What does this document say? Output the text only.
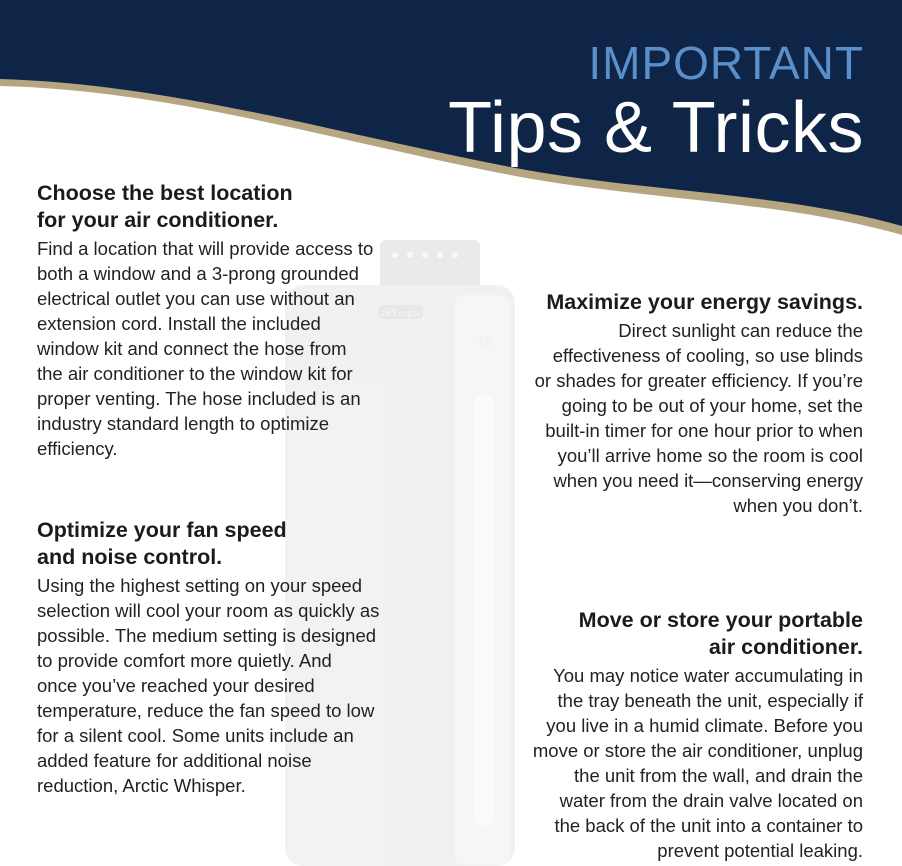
IMPORTANT
Tips & Tricks
De'Longhi
72
Choose the best location
for your air conditioner.

Find a location that will provide access to
both a window and a 3-prong grounded
electrical outlet you can use without an
extension cord. Install the included
window kit and connect the hose from
the air conditioner to the window kit for
proper venting. The hose included is an
industry standard length to optimize
efficiency.

Maximize your energy savings.

Direct sunlight can reduce the
effectiveness of cooling, so use blinds
or shades for greater efficiency. If you’re
going to be out of your home, set the
built-in timer for one hour prior to when
you’ll arrive home so the room is cool
when you need it—conserving energy
when you don’t.

Optimize your fan speed
and noise control.

Using the highest setting on your speed
selection will cool your room as quickly as
possible. The medium setting is designed
to provide comfort more quietly. And
once you’ve reached your desired
temperature, reduce the fan speed to low
for a silent cool. Some units include an
added feature for additional noise
reduction, Arctic Whisper.

Move or store your portable
air conditioner.

You may notice water accumulating in
the tray beneath the unit, especially if
you live in a humid climate. Before you
move or store the air conditioner, unplug
the unit from the wall, and drain the
water from the drain valve located on
the back of the unit into a container to
prevent potential leaking.
